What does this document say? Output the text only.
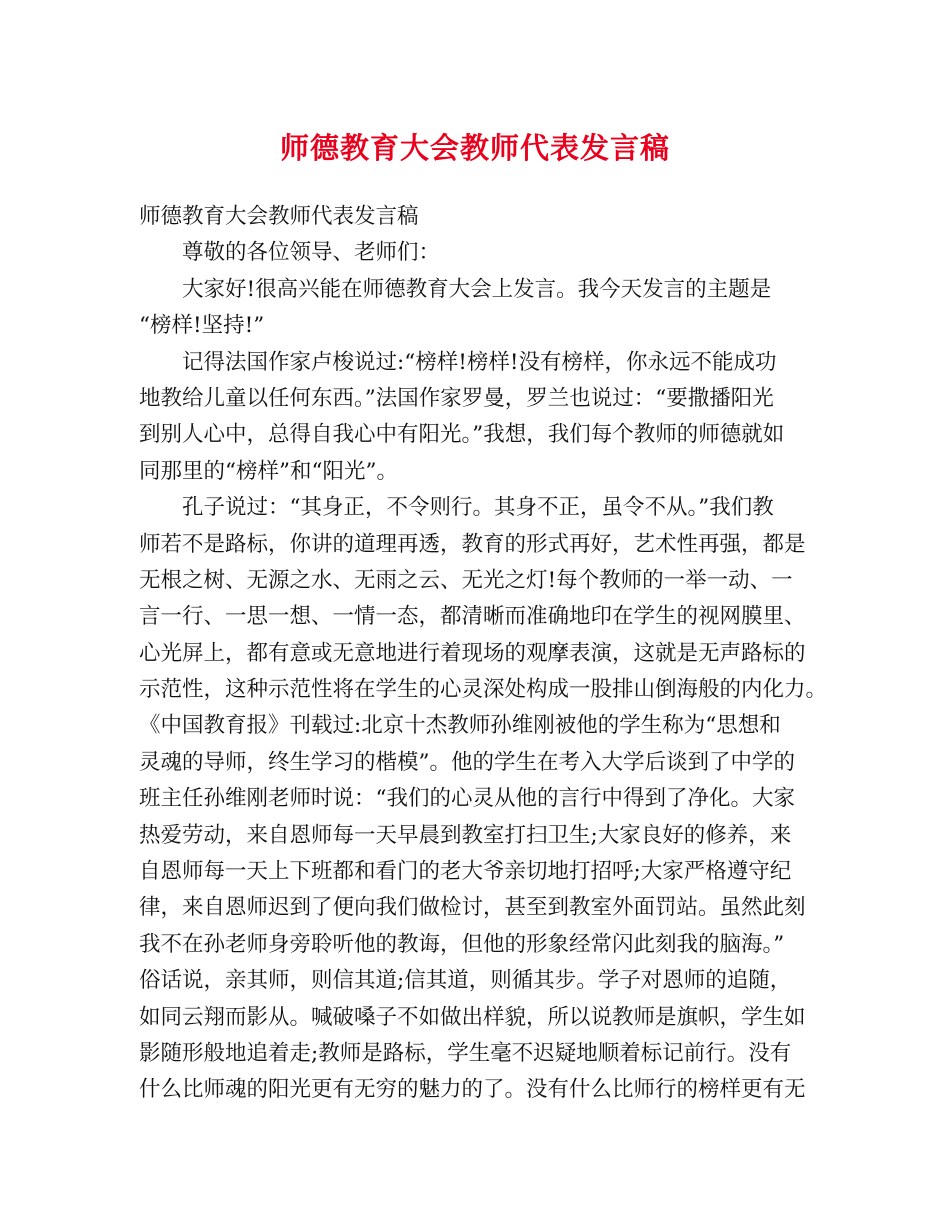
师德教育大会教师代表发言稿
师德教育大会教师代表发言稿
尊敬的各位领导、老师们：
大家好!很高兴能在师德教育大会上发言。我今天发言的主题是
“榜样!坚持!”
记得法国作家卢梭说过:“榜样!榜样!没有榜样，你永远不能成功
地教给儿童以任何东西。”法国作家罗曼，罗兰也说过：“要撒播阳光
到别人心中，总得自我心中有阳光。”我想，我们每个教师的师德就如
同那里的“榜样”和“阳光”。
孔子说过：“其身正，不令则行。其身不正，虽令不从。”我们教
师若不是路标，你讲的道理再透，教育的形式再好，艺术性再强，都是
无根之树、无源之水、无雨之云、无光之灯!每个教师的一举一动、一
言一行、一思一想、一情一态，都清晰而准确地印在学生的视网膜里、
心光屏上，都有意或无意地进行着现场的观摩表演，这就是无声路标的
示范性，这种示范性将在学生的心灵深处构成一股排山倒海般的内化力。
《中国教育报》刊载过:北京十杰教师孙维刚被他的学生称为“思想和
灵魂的导师，终生学习的楷模”。他的学生在考入大学后谈到了中学的
班主任孙维刚老师时说：“我们的心灵从他的言行中得到了净化。大家
热爱劳动，来自恩师每一天早晨到教室打扫卫生;大家良好的修养，来
自恩师每一天上下班都和看门的老大爷亲切地打招呼;大家严格遵守纪
律，来自恩师迟到了便向我们做检讨，甚至到教室外面罚站。虽然此刻
我不在孙老师身旁聆听他的教诲，但他的形象经常闪此刻我的脑海。”
俗话说，亲其师，则信其道;信其道，则循其步。学子对恩师的追随，
如同云翔而影从。喊破嗓子不如做出样貌，所以说教师是旗帜，学生如
影随形般地追着走;教师是路标，学生毫不迟疑地顺着标记前行。没有
什么比师魂的阳光更有无穷的魅力的了。没有什么比师行的榜样更有无
